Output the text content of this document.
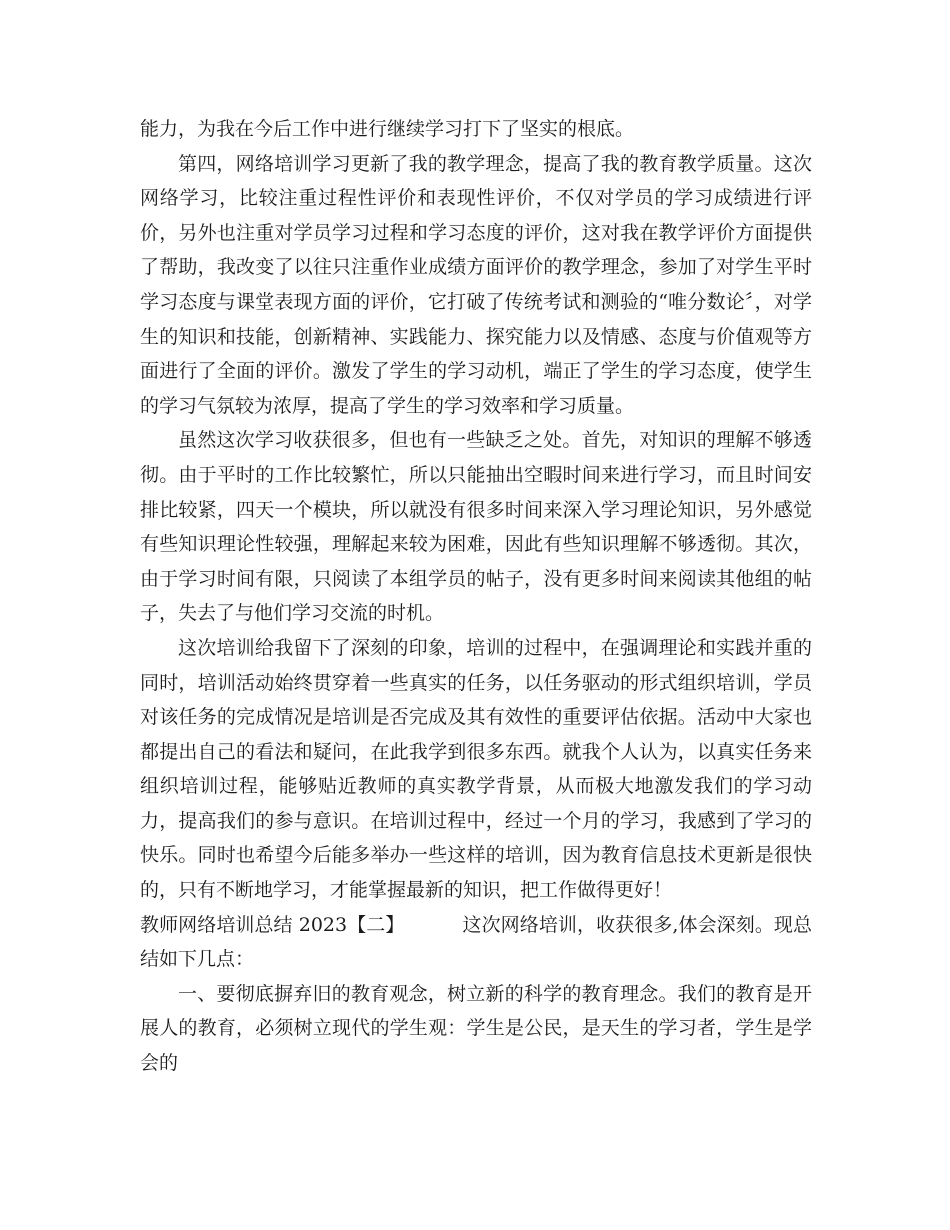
能力，为我在今后工作中进行继续学习打下了坚实的根底。

第四，网络培训学习更新了我的教学理念，提高了我的教育教学质量。这次网络学习，比较注重过程性评价和表现性评价，不仅对学员的学习成绩进行评价，另外也注重对学员学习过程和学习态度的评价，这对我在教学评价方面提供了帮助，我改变了以往只注重作业成绩方面评价的教学理念，参加了对学生平时学习态度与课堂表现方面的评价，它打破了传统考试和测验的“唯分数论〞，对学生的知识和技能，创新精神、实践能力、探究能力以及情感、态度与价值观等方面进行了全面的评价。激发了学生的学习动机，端正了学生的学习态度，使学生的学习气氛较为浓厚，提高了学生的学习效率和学习质量。

虽然这次学习收获很多，但也有一些缺乏之处。首先，对知识的理解不够透彻。由于平时的工作比较繁忙，所以只能抽出空暇时间来进行学习，而且时间安排比较紧，四天一个模块，所以就没有很多时间来深入学习理论知识，另外感觉有些知识理论性较强，理解起来较为困难，因此有些知识理解不够透彻。其次，由于学习时间有限，只阅读了本组学员的帖子，没有更多时间来阅读其他组的帖子，失去了与他们学习交流的时机。

这次培训给我留下了深刻的印象，培训的过程中，在强调理论和实践并重的同时，培训活动始终贯穿着一些真实的任务，以任务驱动的形式组织培训，学员对该任务的完成情况是培训是否完成及其有效性的重要评估依据。活动中大家也都提出自己的看法和疑问，在此我学到很多东西。就我个人认为，以真实任务来组织培训过程，能够贴近教师的真实教学背景，从而极大地激发我们的学习动力，提高我们的参与意识。在培训过程中，经过一个月的学习，我感到了学习的快乐。同时也希望今后能多举办一些这样的培训，因为教育信息技术更新是很快的，只有不断地学习，才能掌握最新的知识，把工作做得更好！

教师网络培训总结 2023【二】	这次网络培训，收获很多,体会深刻。现总结如下几点：

一、要彻底摒弃旧的教育观念，树立新的科学的教育理念。我们的教育是开展人的教育，必须树立现代的学生观：学生是公民，是天生的学习者，学生是学会的
